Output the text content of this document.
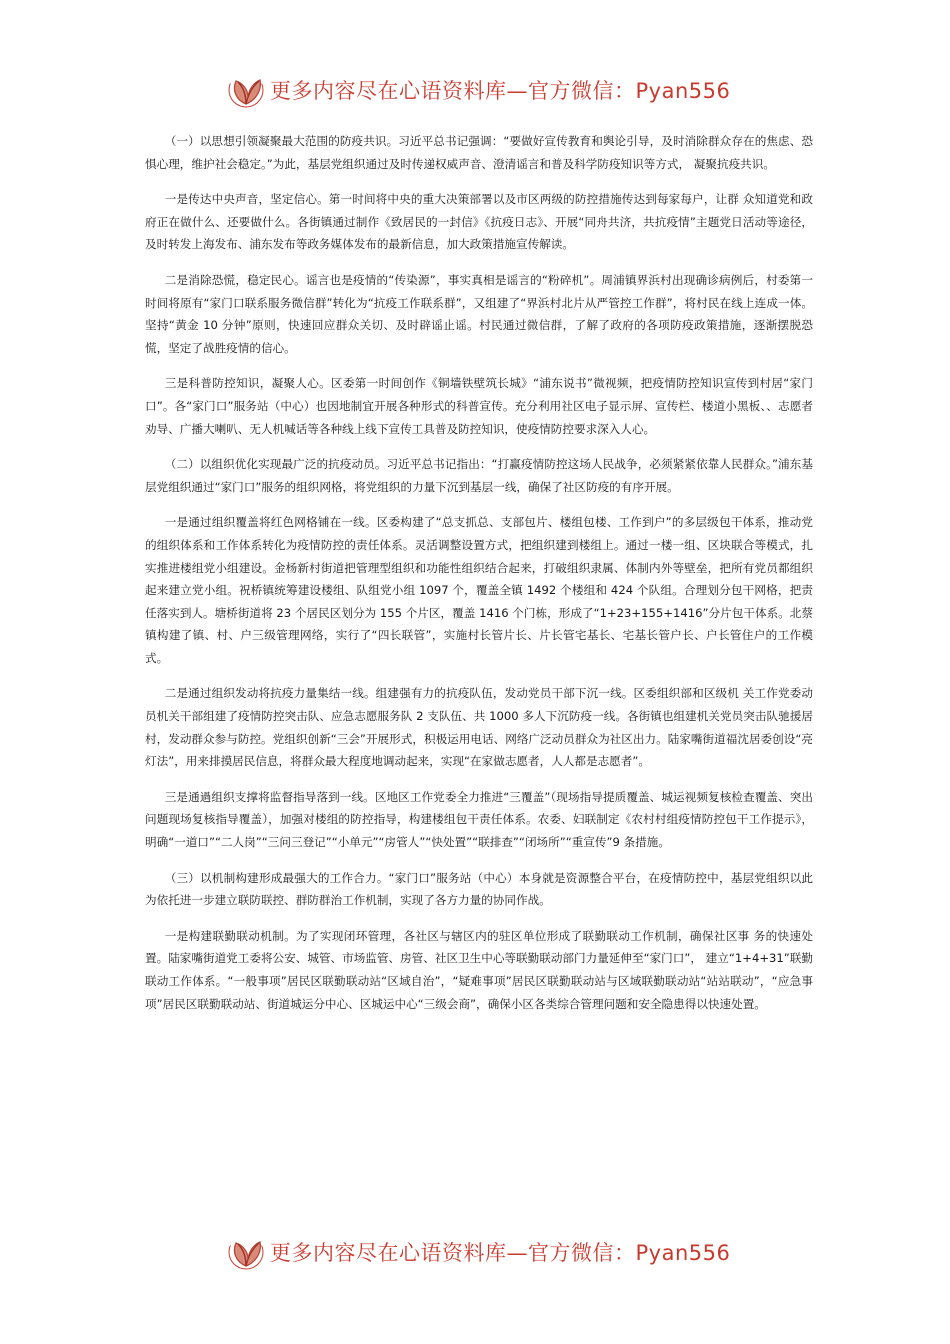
更多内容尽在心语资料库—官方微信：Pyan556

（一）以思想引领凝聚最大范围的防疫共识。习近平总书记强调：“要做好宣传教育和舆论引导，及时消除群众存在的焦虑、恐惧心理，维护社会稳定。”为此，基层党组织通过及时传递权威声音、澄清谣言和普及科学防疫知识等方式， 凝聚抗疫共识。

一是传达中央声音，坚定信心。第一时间将中央的重大决策部署以及市区两级的防控措施传达到每家每户，让群 众知道党和政府正在做什么、还要做什么。各街镇通过制作《致居民的一封信》《抗疫日志》、开展“同舟共济，共抗疫情”主题党日活动等途径，及时转发上海发布、浦东发布等政务媒体发布的最新信息，加大政策措施宣传解读。

二是消除恐慌，稳定民心。谣言也是疫情的“传染源”，事实真相是谣言的“粉碎机”。周浦镇界浜村出现确诊病例后，村委第一时间将原有“家门口联系服务微信群”转化为“抗疫工作联系群”，又组建了“界浜村北片从严管控工作群”，将村民在线上连成一体。坚持“黄金 10 分钟”原则，快速回应群众关切、及时辟谣止谣。村民通过微信群，了解了政府的各项防疫政策措施，逐渐摆脱恐慌，坚定了战胜疫情的信心。

三是科普防控知识，凝聚人心。区委第一时间创作《铜墙铁壁筑长城》“浦东说书”微视频，把疫情防控知识宣传到村居“家门口”。各“家门口”服务站（中心）也因地制宜开展各种形式的科普宣传。充分利用社区电子显示屏、宣传栏、楼道小黑板、、志愿者劝导、广播大喇叭、无人机喊话等各种线上线下宣传工具普及防控知识，使疫情防控要求深入人心。

（二）以组织优化实现最广泛的抗疫动员。习近平总书记指出：“打赢疫情防控这场人民战争，必须紧紧依靠人民群众。”浦东基层党组织通过“家门口”服务的组织网格，将党组织的力量下沉到基层一线，确保了社区防疫的有序开展。

一是通过组织覆盖将红色网格铺在一线。区委构建了“总支抓总、支部包片、楼组包楼、工作到户”的多层级包干体系，推动党的组织体系和工作体系转化为疫情防控的责任体系。灵活调整设置方式，把组织建到楼组上。通过一楼一组、区块联合等模式，扎实推进楼组党小组建设。金杨新村街道把管理型组织和功能性组织结合起来，打破组织隶属、体制内外等壁垒，把所有党员都组织起来建立党小组。祝桥镇统筹建设楼组、队组党小组 1097 个，覆盖全镇 1492 个楼组和 424 个队组。合理划分包干网格，把责任落实到人。塘桥街道将 23 个居民区划分为 155 个片区，覆盖 1416 个门栋，形成了“1+23+155+1416”分片包干体系。北蔡镇构建了镇、村、户三级管理网络，实行了“四长联管”，实施村长管片长、片长管宅基长、宅基长管户长、户长管住户的工作模式。

二是通过组织发动将抗疫力量集结一线。组建强有力的抗疫队伍，发动党员干部下沉一线。区委组织部和区级机 关工作党委动员机关干部组建了疫情防控突击队、应急志愿服务队 2 支队伍、共 1000 多人下沉防疫一线。各街镇也组建机关党员突击队驰援居村，发动群众参与防控。党组织创新“三会”开展形式，积极运用电话、网络广泛动员群众为社区出力。陆家嘴街道福沈居委创设“亮灯法”，用来排摸居民信息，将群众最大程度地调动起来，实现“在家做志愿者，人人都是志愿者”。

三是通過组织支撑将监督指导落到一线。区地区工作党委全力推进“三覆盖”（现场指导提质覆盖、城运视频复核检查覆盖、突出问题现场复核指导覆盖），加强对楼组的防控指导，构建楼组包干责任体系。农委、妇联制定《农村村组疫情防控包干工作提示》，明确“一道口”“二人岗”“三问三登记”“小单元”“房管人”“快处置”“联排查”“闭场所”“重宣传”9 条措施。

（三）以机制构建形成最强大的工作合力。“家门口”服务站（中心）本身就是资源整合平台，在疫情防控中，基层党组织以此为依托进一步建立联防联控、群防群治工作机制，实现了各方力量的协同作战。

一是构建联勤联动机制。为了实现闭环管理，各社区与辖区内的驻区单位形成了联勤联动工作机制，确保社区事 务的快速处置。陆家嘴街道党工委将公安、城管、市场监管、房管、社区卫生中心等联勤联动部门力量延伸至“家门口”， 建立“1+4+31”联勤联动工作体系。“一般事项”居民区联勤联动站“区域自治”，“疑难事项”居民区联勤联动站与区域联勤联动站“站站联动”，“应急事项”居民区联勤联动站、街道城运分中心、区城运中心“三级会商”，确保小区各类综合管理问题和安全隐患得以快速处置。

更多内容尽在心语资料库—官方微信：Pyan556
